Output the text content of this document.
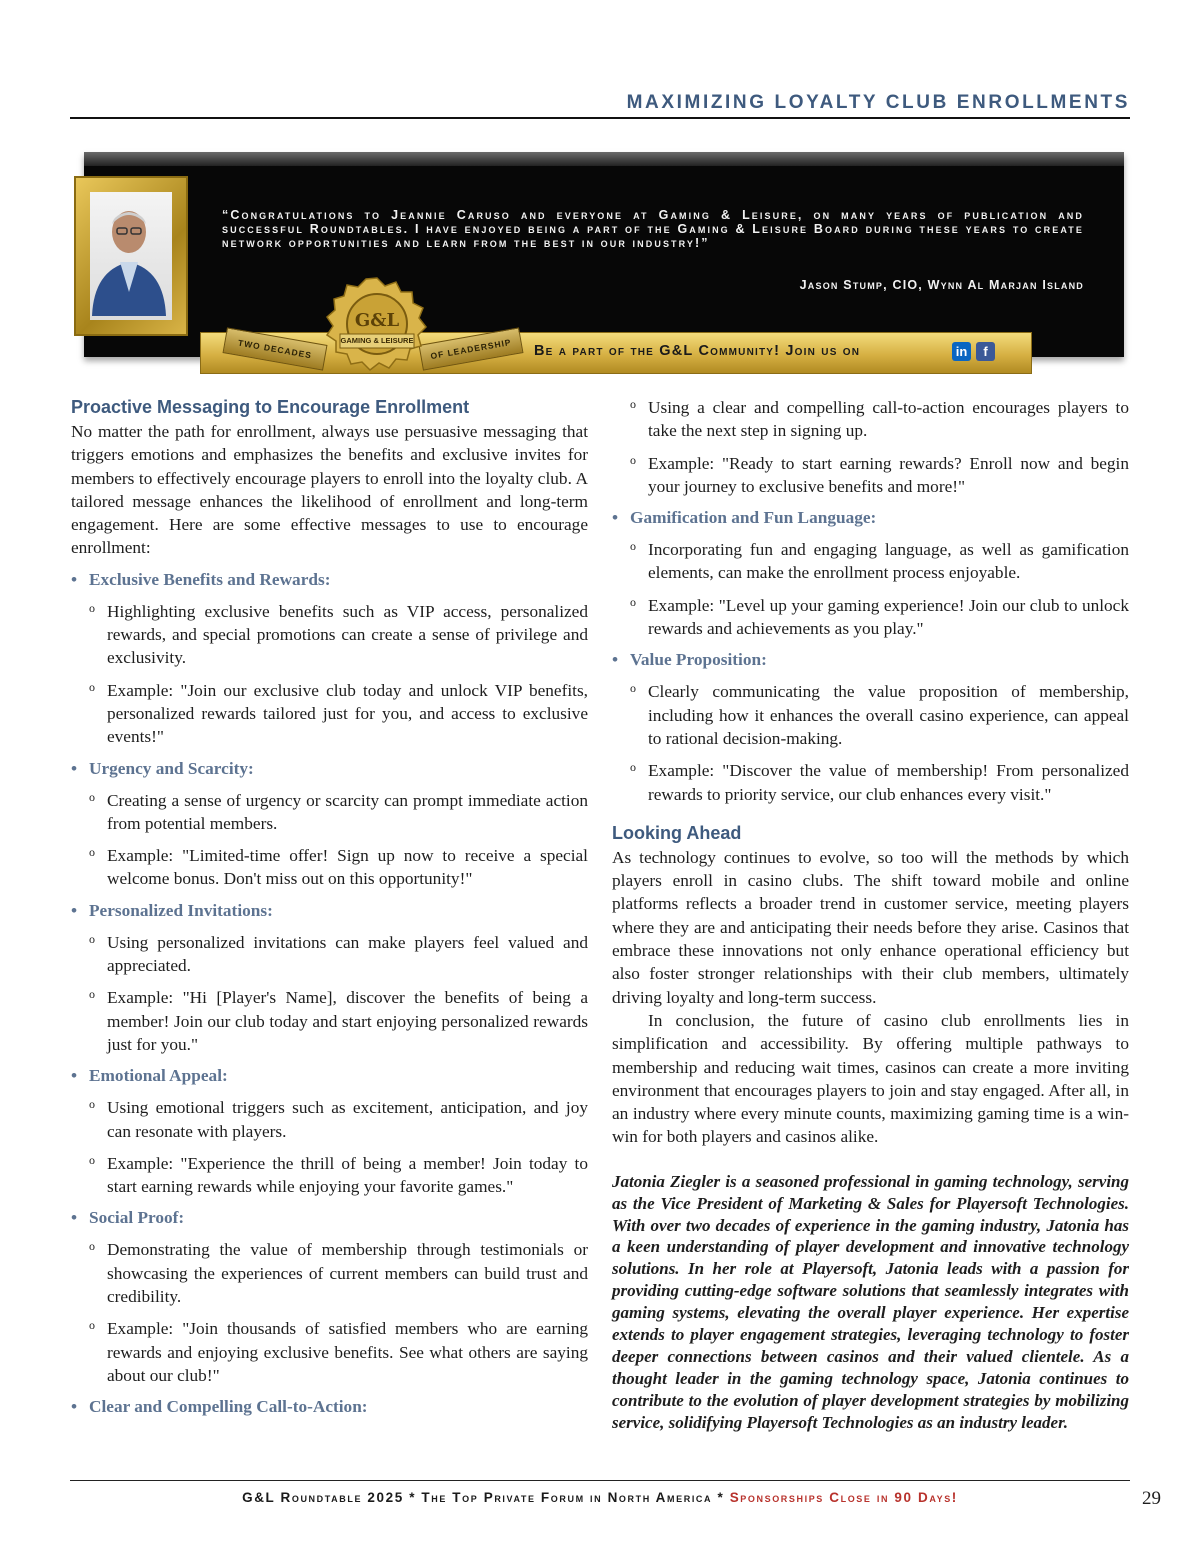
MAXIMIZING LOYALTY CLUB ENROLLMENTS
“Congratulations to Jeannie Caruso and everyone at Gaming & Leisure, on many years of publication and successful Roundtables. I have enjoyed being a part of the Gaming & Leisure Board during these years to create network opportunities and learn from the best in our industry!”
Jason Stump, CIO, Wynn Al Marjan Island
TWO DECADES	OF LEADERSHIP
G&L
GAMING & LEISURE
Be a part of the G&L Community! Join us on	in	f
Proactive Messaging to Encourage Enrollment

No matter the path for enrollment, always use persuasive messaging that triggers emotions and emphasizes the benefits and exclusive invites for members to effectively encourage players to enroll into the loyalty club. A tailored message enhances the likelihood of enrollment and long-term engagement. Here are some effective messages to use to encourage enrollment:

• Exclusive Benefits and Rewards:
o Highlighting exclusive benefits such as VIP access, personalized rewards, and special promotions can create a sense of privilege and exclusivity.
o Example: "Join our exclusive club today and unlock VIP benefits, personalized rewards tailored just for you, and access to exclusive events!"
• Urgency and Scarcity:
o Creating a sense of urgency or scarcity can prompt immediate action from potential members.
o Example: "Limited-time offer! Sign up now to receive a special welcome bonus. Don't miss out on this opportunity!"
• Personalized Invitations:
o Using personalized invitations can make players feel valued and appreciated.
o Example: "Hi [Player's Name], discover the benefits of being a member! Join our club today and start enjoying personalized rewards just for you."
• Emotional Appeal:
o Using emotional triggers such as excitement, anticipation, and joy can resonate with players.
o Example: "Experience the thrill of being a member! Join today to start earning rewards while enjoying your favorite games."
• Social Proof:
o Demonstrating the value of membership through testimonials or showcasing the experiences of current members can build trust and credibility.
o Example: "Join thousands of satisfied members who are earning rewards and enjoying exclusive benefits. See what others are saying about our club!"
• Clear and Compelling Call-to-Action:
o Using a clear and compelling call-to-action encourages players to take the next step in signing up.
o Example: "Ready to start earning rewards? Enroll now and begin your journey to exclusive benefits and more!"
• Gamification and Fun Language:
o Incorporating fun and engaging language, as well as gamification elements, can make the enrollment process enjoyable.
o Example: "Level up your gaming experience! Join our club to unlock rewards and achievements as you play."
• Value Proposition:
o Clearly communicating the value proposition of membership, including how it enhances the overall casino experience, can appeal to rational decision-making.
o Example: "Discover the value of membership! From personalized rewards to priority service, our club enhances every visit."
Looking Ahead

As technology continues to evolve, so too will the methods by which players enroll in casino clubs. The shift toward mobile and online platforms reflects a broader trend in customer service, meeting players where they are and anticipating their needs before they arise. Casinos that embrace these innovations not only enhance operational efficiency but also foster stronger relationships with their club members, ultimately driving loyalty and long-term success.

In conclusion, the future of casino club enrollments lies in simplification and accessibility. By offering multiple pathways to membership and reducing wait times, casinos can create a more inviting environment that encourages players to join and stay engaged. After all, in an industry where every minute counts, maximizing gaming time is a win-win for both players and casinos alike.

Jatonia Ziegler is a seasoned professional in gaming technology, serving as the Vice President of Marketing & Sales for Playersoft Technologies. With over two decades of experience in the gaming industry, Jatonia has a keen understanding of player development and innovative technology solutions. In her role at Playersoft, Jatonia leads with a passion for providing cutting-edge software solutions that seamlessly integrates with gaming systems, elevating the overall player experience. Her expertise extends to player engagement strategies, leveraging technology to foster deeper connections between casinos and their valued clientele. As a thought leader in the gaming technology space, Jatonia continues to contribute to the evolution of player development strategies by mobilizing service, solidifying Playersoft Technologies as an industry leader.

G&L Roundtable 2025 * The Top Private Forum in North America * Sponsorships Close in 90 Days!	29
